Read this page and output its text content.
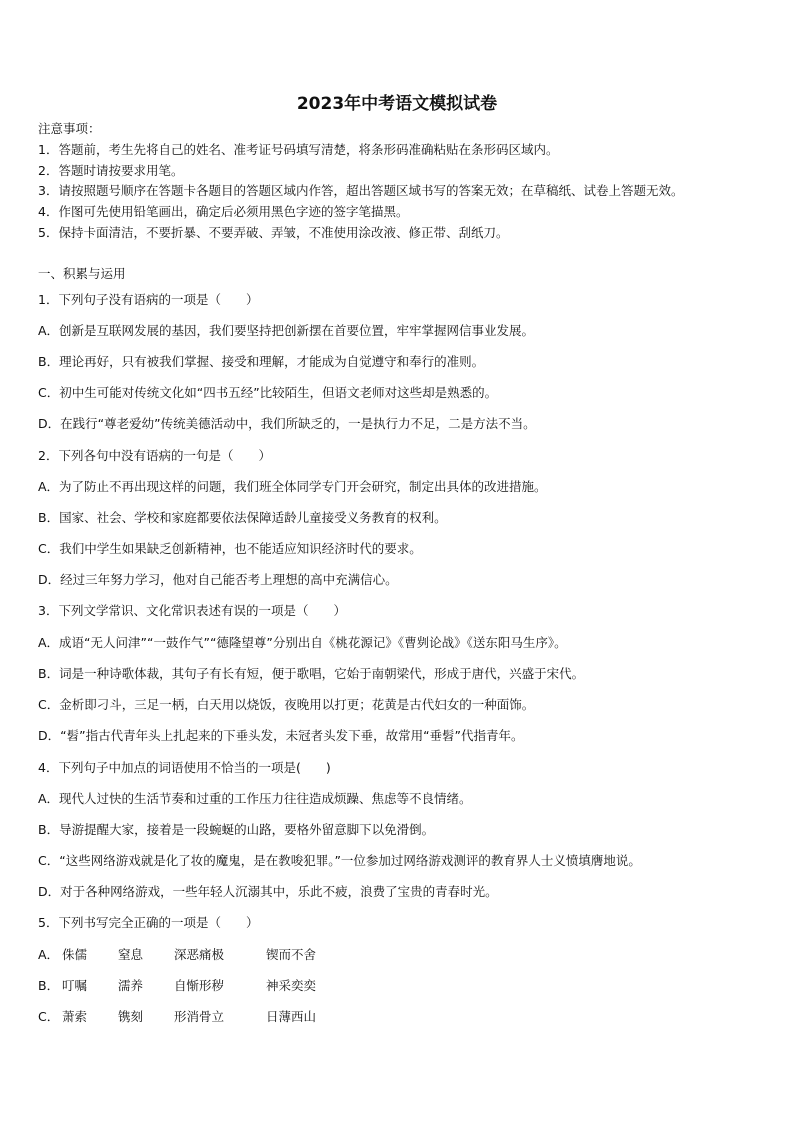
2023年中考语文模拟试卷
注意事项：
1．答题前，考生先将自己的姓名、准考证号码填写清楚，将条形码准确粘贴在条形码区域内。
2．答题时请按要求用笔。
3．请按照题号顺序在答题卡各题目的答题区域内作答，超出答题区域书写的答案无效；在草稿纸、试卷上答题无效。
4．作图可先使用铅笔画出，确定后必须用黑色字迹的签字笔描黑。
5．保持卡面清洁，不要折暴、不要弄破、弄皱，不准使用涂改液、修正带、刮纸刀。
一、积累与运用
1．下列句子没有语病的一项是（　　）
A．创新是互联网发展的基因，我们要坚持把创新摆在首要位置，牢牢掌握网信事业发展。
B．理论再好，只有被我们掌握、接受和理解，才能成为自觉遵守和奉行的准则。
C．初中生可能对传统文化如“四书五经”比较陌生，但语文老师对这些却是熟悉的。
D．在践行“尊老爱幼”传统美德活动中，我们所缺乏的，一是执行力不足，二是方法不当。
2．下列各句中没有语病的一句是（　　）
A．为了防止不再出现这样的问题，我们班全体同学专门开会研究，制定出具体的改进措施。
B．国家、社会、学校和家庭都要依法保障适龄儿童接受义务教育的权利。
C．我们中学生如果缺乏创新精神，也不能适应知识经济时代的要求。
D．经过三年努力学习，他对自己能否考上理想的高中充满信心。
3．下列文学常识、文化常识表述有误的一项是（　　）
A．成语“无人问津”“一鼓作气”“德隆望尊”分别出自《桃花源记》《曹刿论战》《送东阳马生序》。
B．词是一种诗歌体裁，其句子有长有短，便于歌唱，它始于南朝梁代，形成于唐代，兴盛于宋代。
C．金析即刁斗，三足一柄，白天用以烧饭，夜晚用以打更；花黄是古代妇女的一种面饰。
D．“髫”指古代青年头上扎起来的下垂头发，未冠者头发下垂，故常用“垂髫”代指青年。
4．下列句子中加点的词语使用不恰当的一项是(　　)
A．现代人过快的生活节奏和过重的工作压力往往造成烦躁、焦虑等不良情绪。
B．导游提醒大家，接着是一段蜿蜒的山路，要格外留意脚下以免滑倒。
C．“这些网络游戏就是化了妆的魔鬼，是在教唆犯罪。”一位参加过网络游戏测评的教育界人士义愤填膺地说。
D．对于各种网络游戏，一些年轻人沉溺其中，乐此不疲，浪费了宝贵的青春时光。
5．下列书写完全正确的一项是（　　）
A． 侏儒 窒息 深恶痛极	锲而不舍
B． 叮嘱 濡养 自惭形秽	神采奕奕
C． 萧索 镌刻 形消骨立	日薄西山
